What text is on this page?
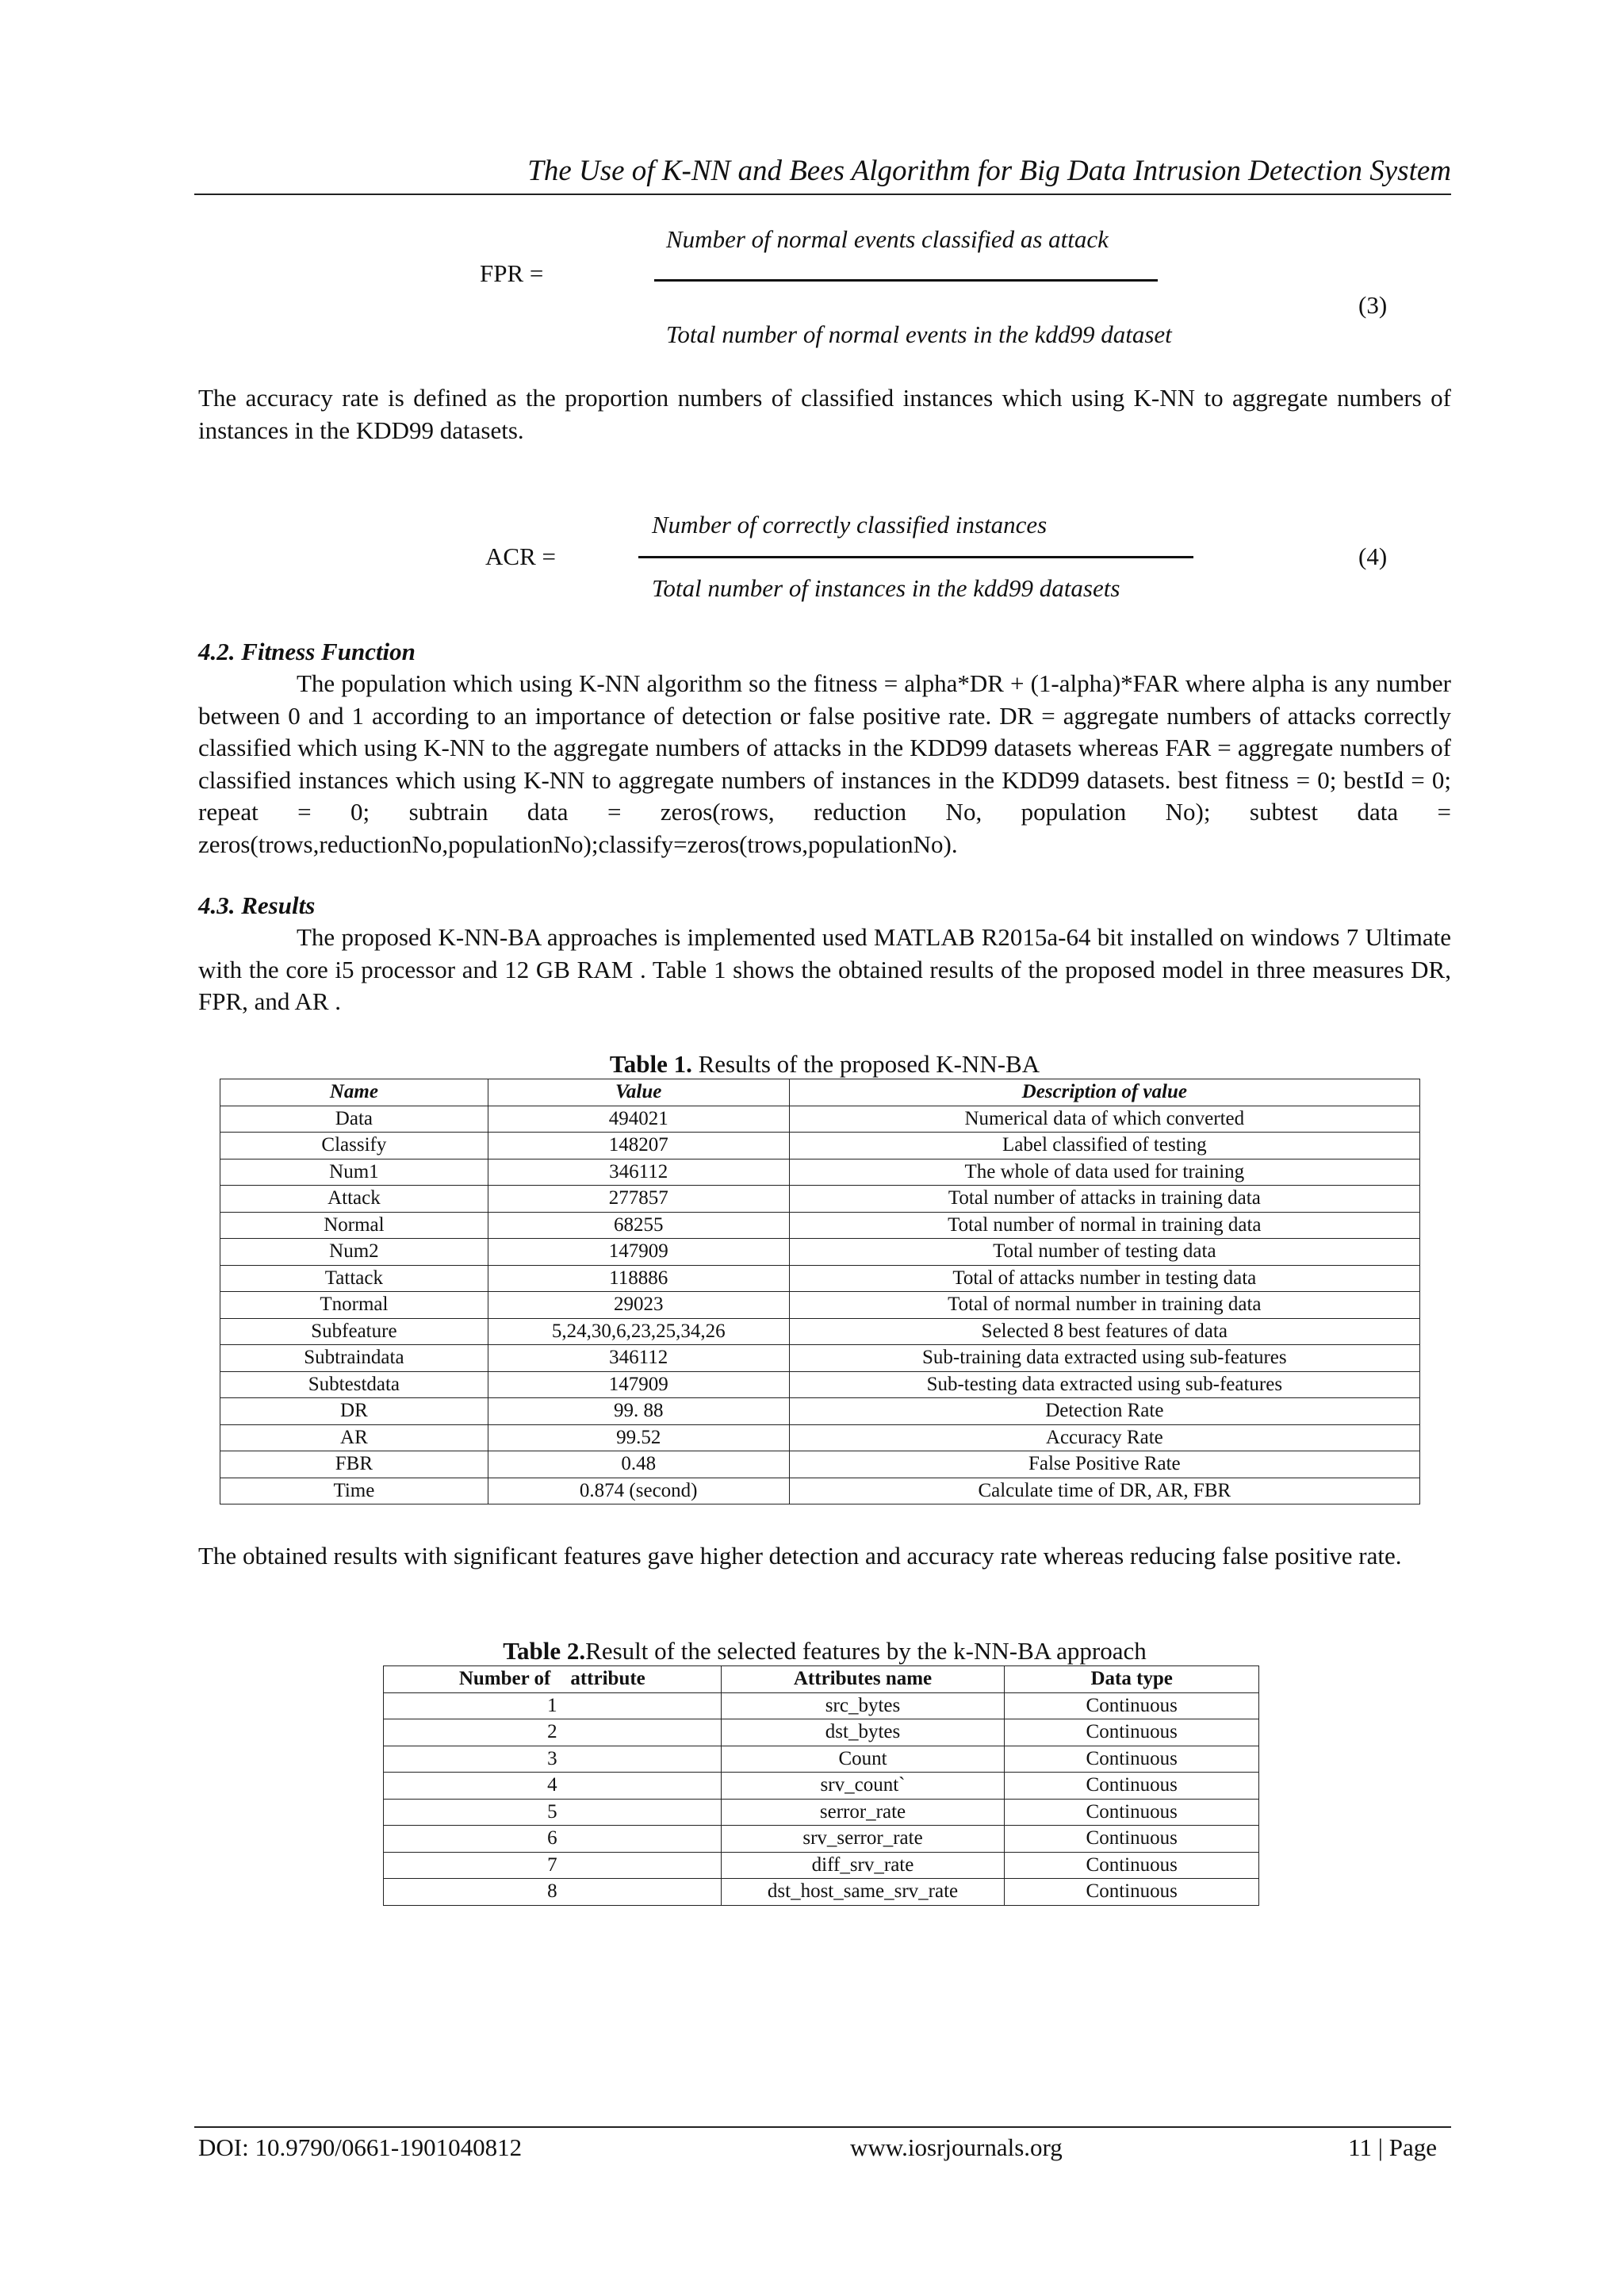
The Use of K-NN and Bees Algorithm for Big Data Intrusion Detection System
FPR =
Number of normal events classified as attack
Total number of normal events in the kdd99 dataset
(3)
The accuracy rate is defined as the proportion numbers of classified instances which using K-NN to aggregate numbers of instances in the KDD99 datasets.
ACR =
Number of correctly classified instances
Total number of instances in the kdd99 datasets
(4)
4.2. Fitness Function
The population which using K-NN algorithm so the fitness = alpha*DR + (1-alpha)*FAR where alpha is any number between 0 and 1 according to an importance of detection or false positive rate. DR = aggregate numbers of attacks correctly classified which using K-NN to the aggregate numbers of attacks in the KDD99 datasets whereas FAR = aggregate numbers of classified instances which using K-NN to aggregate numbers of instances in the KDD99 datasets. best fitness = 0; bestId = 0; repeat = 0; subtrain data = zeros(rows, reduction No, population No); subtest data = zeros(trows,reductionNo,populationNo);classify=zeros(trows,populationNo).
4.3. Results
The proposed K-NN-BA approaches is implemented used MATLAB R2015a-64 bit installed on windows 7 Ultimate with the core i5 processor and 12 GB RAM . Table 1 shows the obtained results of the proposed model in three measures DR, FPR, and AR .
Table 1. Results of the proposed K-NN-BA
Name	Value	Description of value
Data	494021	Numerical data of which converted
Classify	148207	Label classified of testing
Num1	346112	The whole of data used for training
Attack	277857	Total number of attacks in training data
Normal	68255	Total number of normal in training data
Num2	147909	Total number of testing data
Tattack	118886	Total of attacks number in testing data
Tnormal	29023	Total of normal number in training data
Subfeature	5,24,30,6,23,25,34,26	Selected 8 best features of data
Subtraindata	346112	Sub-training data extracted using sub-features
Subtestdata	147909	Sub-testing data extracted using sub-features
DR	99. 88	Detection Rate
AR	99.52	Accuracy Rate
FBR	0.48	False Positive Rate
Time	0.874 (second)	Calculate time of DR, AR, FBR
The obtained results with significant features gave higher detection and accuracy rate whereas reducing false positive rate.
Table 2.Result of the selected features by the k-NN-BA approach
Number of    attribute	Attributes name	Data type
1	src_bytes	Continuous
2	dst_bytes	Continuous
3	Count	Continuous
4	srv_count`	Continuous
5	serror_rate	Continuous
6	srv_serror_rate	Continuous
7	diff_srv_rate	Continuous
8	dst_host_same_srv_rate	Continuous
DOI: 10.9790/0661-1901040812	www.iosrjournals.org	11 | Page
